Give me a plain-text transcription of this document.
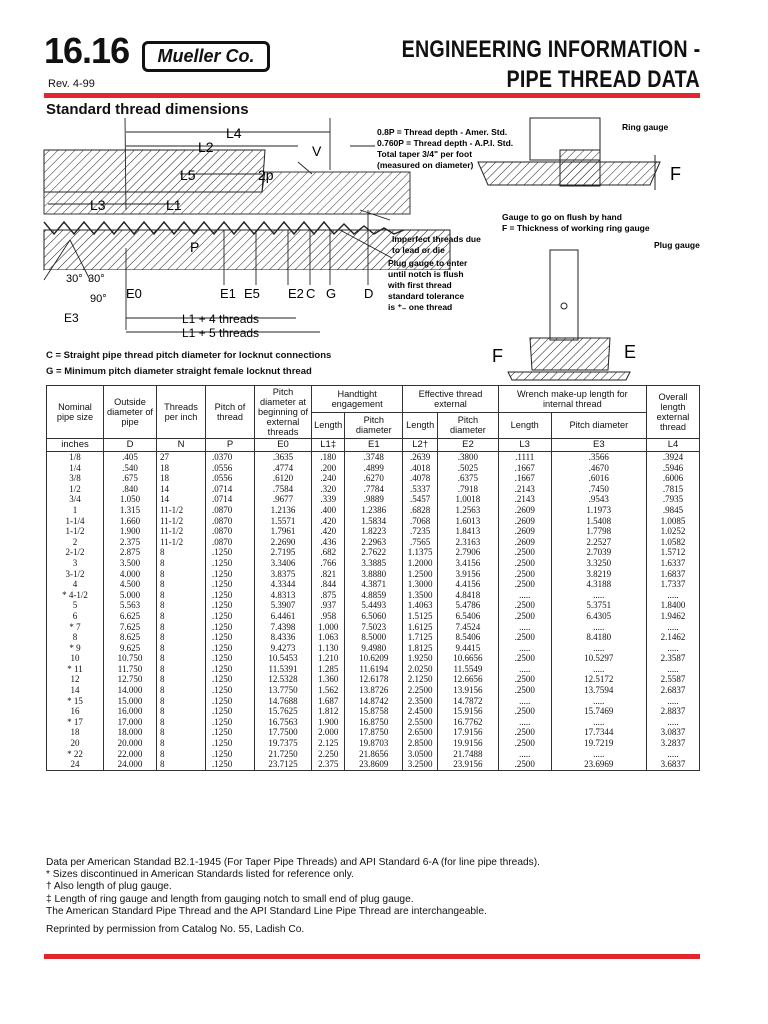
16.16	Mueller Co.
Rev. 4-99
ENGINEERING INFORMATION -
PIPE THREAD DATA
Standard thread dimensions
L4
L2	V
L5	2p
L3	L1
P
30° 30°
90° E0	E1 E5 E2 C G D
E3	L1 + 4 threads
L1 + 5 threads
0.8P = Thread depth - Amer. Std.
0.760P = Thread depth - A.P.I. Std.
Total taper 3/4" per foot
(measured on diameter)
Imperfect threads due
to lead or die
Plug gauge to enter
until notch is flush
with first thread
standard tolerance
is ⁺₋ one thread
Ring gauge
F
Gauge to go on flush by hand
F = Thickness of working ring gauge
Plug gauge
F	E
C = Straight pipe thread pitch diameter for locknut connections
G = Minimum pitch diameter straight female locknut thread
Nominal pipe size	Outside diameter of pipe	Threads per inch	Pitch of thread	Pitch diameter at beginning of external threads	Handtight engagement		Effective thread external		Wrench make-up length for internal thread		Overall length external thread
					Length	Pitch diameter	Length	Pitch diameter	Length	Pitch diameter	
inches	D	N	P	E0	L1‡	E1	L2†	E2	L3	E3	L4
1/8	.405	27	.0370	.3635	.180	.3748	.2639	.3800	.1111	.3566	.3924
1/4	.540	18	.0556	.4774	.200	.4899	.4018	.5025	.1667	.4670	.5946
3/8	.675	18	.0556	.6120	.240	.6270	.4078	.6375	.1667	.6016	.6006
1/2	.840	14	.0714	.7584	.320	.7784	.5337	.7918	.2143	.7450	.7815
3/4	1.050	14	.0714	.9677	.339	.9889	.5457	1.0018	.2143	.9543	.7935
1	1.315	11-1/2	.0870	1.2136	.400	1.2386	.6828	1.2563	.2609	1.1973	.9845
1-1/4	1.660	11-1/2	.0870	1.5571	.420	1.5834	.7068	1.6013	.2609	1.5408	1.0085
1-1/2	1.900	11-1/2	.0870	1.7961	.420	1.8223	.7235	1.8413	.2609	1.7798	1.0252
2	2.375	11-1/2	.0870	2.2690	.436	2.2963	.7565	2.3163	.2609	2.2527	1.0582
2-1/2	2.875	8	.1250	2.7195	.682	2.7622	1.1375	2.7906	.2500	2.7039	1.5712
3	3.500	8	.1250	3.3406	.766	3.3885	1.2000	3.4156	.2500	3.3250	1.6337
3-1/2	4.000	8	.1250	3.8375	.821	3.8880	1.2500	3.9156	.2500	3.8219	1.6837
4	4.500	8	.1250	4.3344	.844	4.3871	1.3000	4.4156	.2500	4.3188	1.7337
* 4-1/2	5.000	8	.1250	4.8313	.875	4.8859	1.3500	4.8418	.....	.....	.....
5	5.563	8	.1250	5.3907	.937	5.4493	1.4063	5.4786	.2500	5.3751	1.8400
6	6.625	8	.1250	6.4461	.958	6.5060	1.5125	6.5406	.2500	6.4305	1.9462
* 7	7.625	8	.1250	7.4398	1.000	7.5023	1.6125	7.4524	.....	.....	.....
8	8.625	8	.1250	8.4336	1.063	8.5000	1.7125	8.5406	.2500	8.4180	2.1462
* 9	9.625	8	.1250	9.4273	1.130	9.4980	1.8125	9.4415	.....	.....	.....
10	10.750	8	.1250	10.5453	1.210	10.6209	1.9250	10.6656	.2500	10.5297	2.3587
* 11	11.750	8	.1250	11.5391	1.285	11.6194	2.0250	11.5549	.....	.....	.....
12	12.750	8	.1250	12.5328	1.360	12.6178	2.1250	12.6656	.2500	12.5172	2.5587
14	14.000	8	.1250	13.7750	1.562	13.8726	2.2500	13.9156	.2500	13.7594	2.6837
* 15	15.000	8	.1250	14.7688	1.687	14.8742	2.3500	14.7872	.....	.....	.....
16	16.000	8	.1250	15.7625	1.812	15.8758	2.4500	15.9156	.2500	15.7469	2.8837
* 17	17.000	8	.1250	16.7563	1.900	16.8750	2.5500	16.7762	.....	.....	.....
18	18.000	8	.1250	17.7500	2.000	17.8750	2.6500	17.9156	.2500	17.7344	3.0837
20	20.000	8	.1250	19.7375	2.125	19.8703	2.8500	19.9156	.2500	19.7219	3.2837
* 22	22.000	8	.1250	21.7250	2.250	21.8656	3.0500	21.7488	.....	.....	.....
24	24.000	8	.1250	23.7125	2.375	23.8609	3.2500	23.9156	.2500	23.6969	3.6837
Data per American Standad B2.1-1945 (For Taper Pipe Threads) and API Standard 6-A (for line pipe threads).
* Sizes discontinued in American Standards listed for reference only.
† Also length of plug gauge.
‡ Length of ring gauge and length from gauging notch to small end of plug gauge.
The American Standard Pipe Thread and the API Standard Line Pipe Thread are interchangeable.
Reprinted by permission from Catalog No. 55, Ladish Co.
